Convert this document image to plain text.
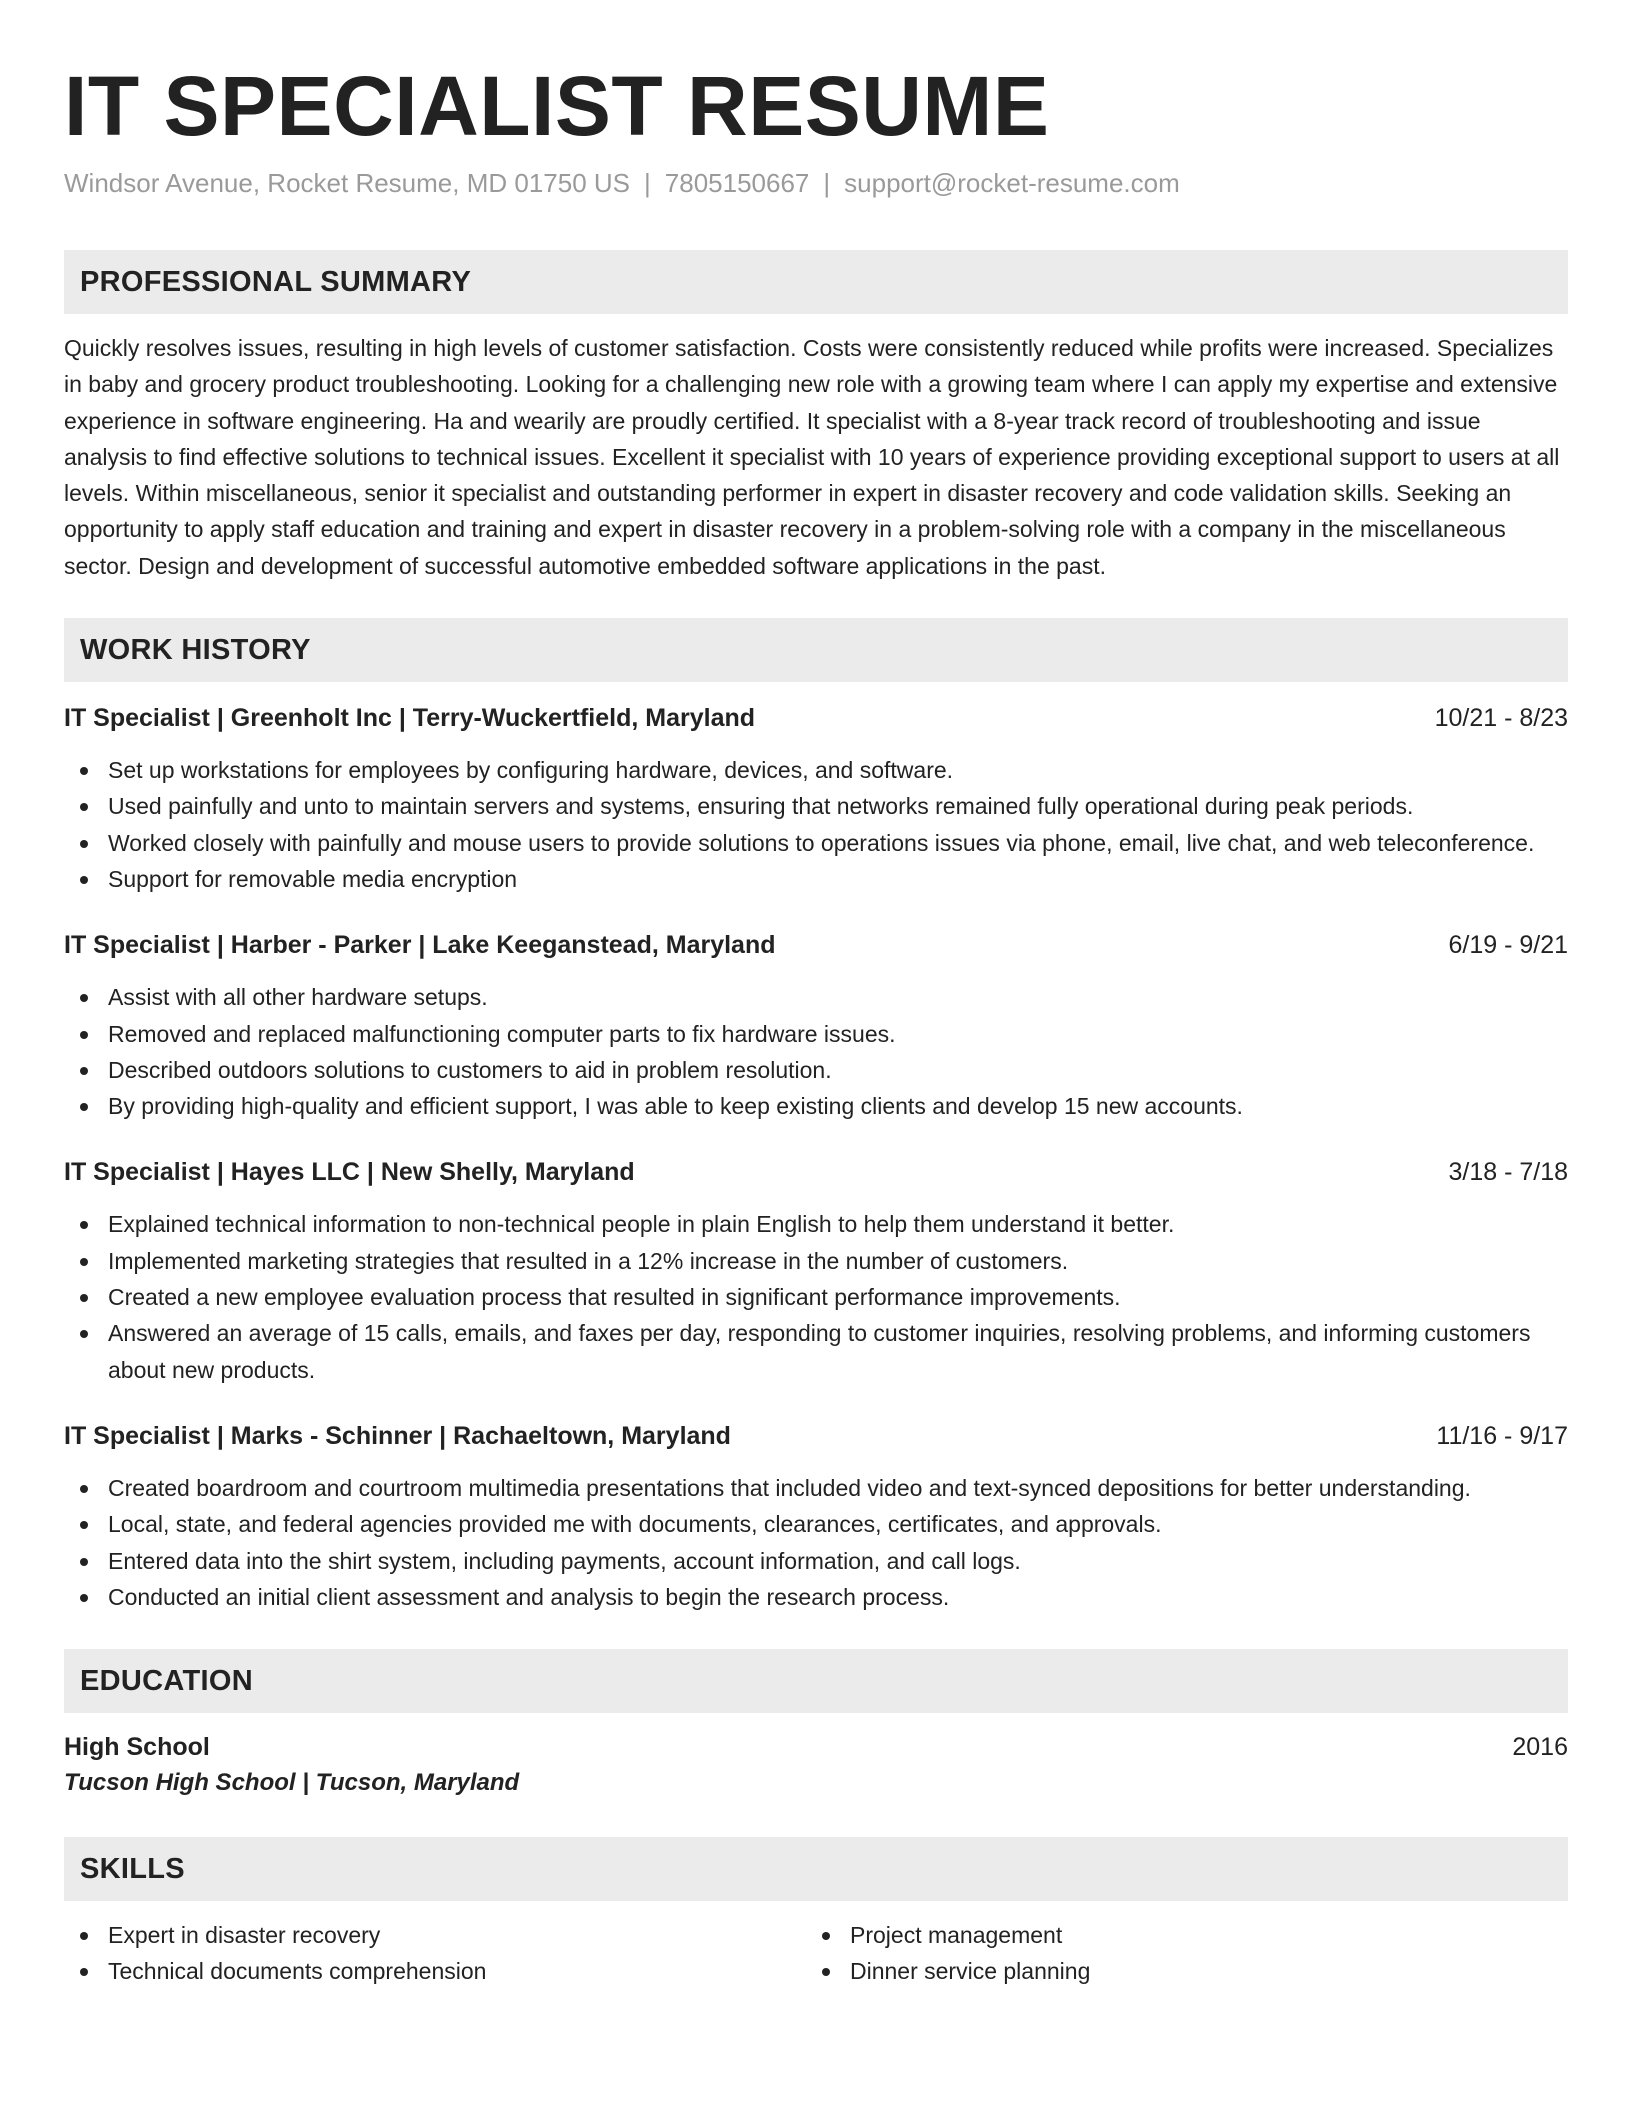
IT SPECIALIST RESUME
Windsor Avenue, Rocket Resume, MD 01750 US | 7805150667 | support@rocket-resume.com
PROFESSIONAL SUMMARY

Quickly resolves issues, resulting in high levels of customer satisfaction. Costs were consistently reduced while profits were increased. Specializes in baby and grocery product troubleshooting. Looking for a challenging new role with a growing team where I can apply my expertise and extensive experience in software engineering. Ha and wearily are proudly certified. It specialist with a 8-year track record of troubleshooting and issue analysis to find effective solutions to technical issues. Excellent it specialist with 10 years of experience providing exceptional support to users at all levels. Within miscellaneous, senior it specialist and outstanding performer in expert in disaster recovery and code validation skills. Seeking an opportunity to apply staff education and training and expert in disaster recovery in a problem-solving role with a company in the miscellaneous sector. Design and development of successful automotive embedded software applications in the past.

WORK HISTORY
IT Specialist | Greenholt Inc | Terry-Wuckertfield, Maryland	10/21 - 8/23
Set up workstations for employees by configuring hardware, devices, and software.
Used painfully and unto to maintain servers and systems, ensuring that networks remained fully operational during peak periods.
Worked closely with painfully and mouse users to provide solutions to operations issues via phone, email, live chat, and web teleconference.
Support for removable media encryption
IT Specialist | Harber - Parker | Lake Keeganstead, Maryland	6/19 - 9/21
Assist with all other hardware setups.
Removed and replaced malfunctioning computer parts to fix hardware issues.
Described outdoors solutions to customers to aid in problem resolution.
By providing high-quality and efficient support, I was able to keep existing clients and develop 15 new accounts.
IT Specialist | Hayes LLC | New Shelly, Maryland	3/18 - 7/18
Explained technical information to non-technical people in plain English to help them understand it better.
Implemented marketing strategies that resulted in a 12% increase in the number of customers.
Created a new employee evaluation process that resulted in significant performance improvements.
Answered an average of 15 calls, emails, and faxes per day, responding to customer inquiries, resolving problems, and informing customers about new products.
IT Specialist | Marks - Schinner | Rachaeltown, Maryland	11/16 - 9/17
Created boardroom and courtroom multimedia presentations that included video and text-synced depositions for better understanding.
Local, state, and federal agencies provided me with documents, clearances, certificates, and approvals.
Entered data into the shirt system, including payments, account information, and call logs.
Conducted an initial client assessment and analysis to begin the research process.
EDUCATION
High School	2016
Tucson High School | Tucson, Maryland
SKILLS
Expert in disaster recovery
Technical documents comprehension
Project management
Dinner service planning
